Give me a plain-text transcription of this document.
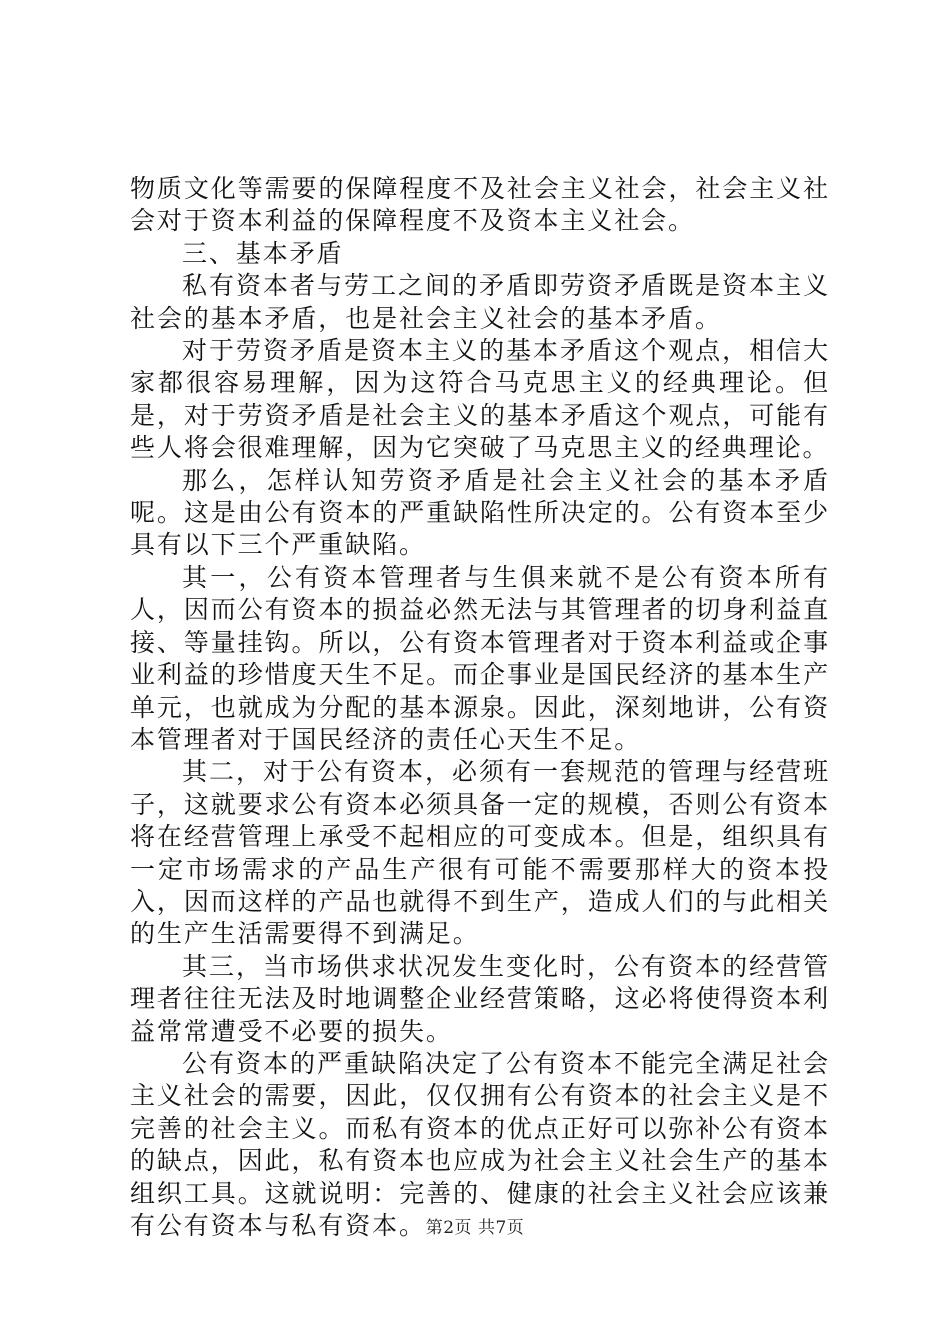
物质文化等需要的保障程度不及社会主义社会，社会主义社会对于资本利益的保障程度不及资本主义社会。

三、基本矛盾

私有资本者与劳工之间的矛盾即劳资矛盾既是资本主义社会的基本矛盾，也是社会主义社会的基本矛盾。

对于劳资矛盾是资本主义的基本矛盾这个观点，相信大家都很容易理解，因为这符合马克思主义的经典理论。但是，对于劳资矛盾是社会主义的基本矛盾这个观点，可能有些人将会很难理解，因为它突破了马克思主义的经典理论。

那么，怎样认知劳资矛盾是社会主义社会的基本矛盾呢。这是由公有资本的严重缺陷性所决定的。公有资本至少具有以下三个严重缺陷。

其一，公有资本管理者与生俱来就不是公有资本所有人，因而公有资本的损益必然无法与其管理者的切身利益直接、等量挂钩。所以，公有资本管理者对于资本利益或企事业利益的珍惜度天生不足。而企事业是国民经济的基本生产单元，也就成为分配的基本源泉。因此，深刻地讲，公有资本管理者对于国民经济的责任心天生不足。

其二，对于公有资本，必须有一套规范的管理与经营班子，这就要求公有资本必须具备一定的规模，否则公有资本将在经营管理上承受不起相应的可变成本。但是，组织具有一定市场需求的产品生产很有可能不需要那样大的资本投入，因而这样的产品也就得不到生产，造成人们的与此相关的生产生活需要得不到满足。

其三，当市场供求状况发生变化时，公有资本的经营管理者往往无法及时地调整企业经营策略，这必将使得资本利益常常遭受不必要的损失。

公有资本的严重缺陷决定了公有资本不能完全满足社会主义社会的需要，因此，仅仅拥有公有资本的社会主义是不完善的社会主义。而私有资本的优点正好可以弥补公有资本的缺点，因此，私有资本也应成为社会主义社会生产的基本组织工具。这就说明：完善的、健康的社会主义社会应该兼有公有资本与私有资本。 第2页 共7页
